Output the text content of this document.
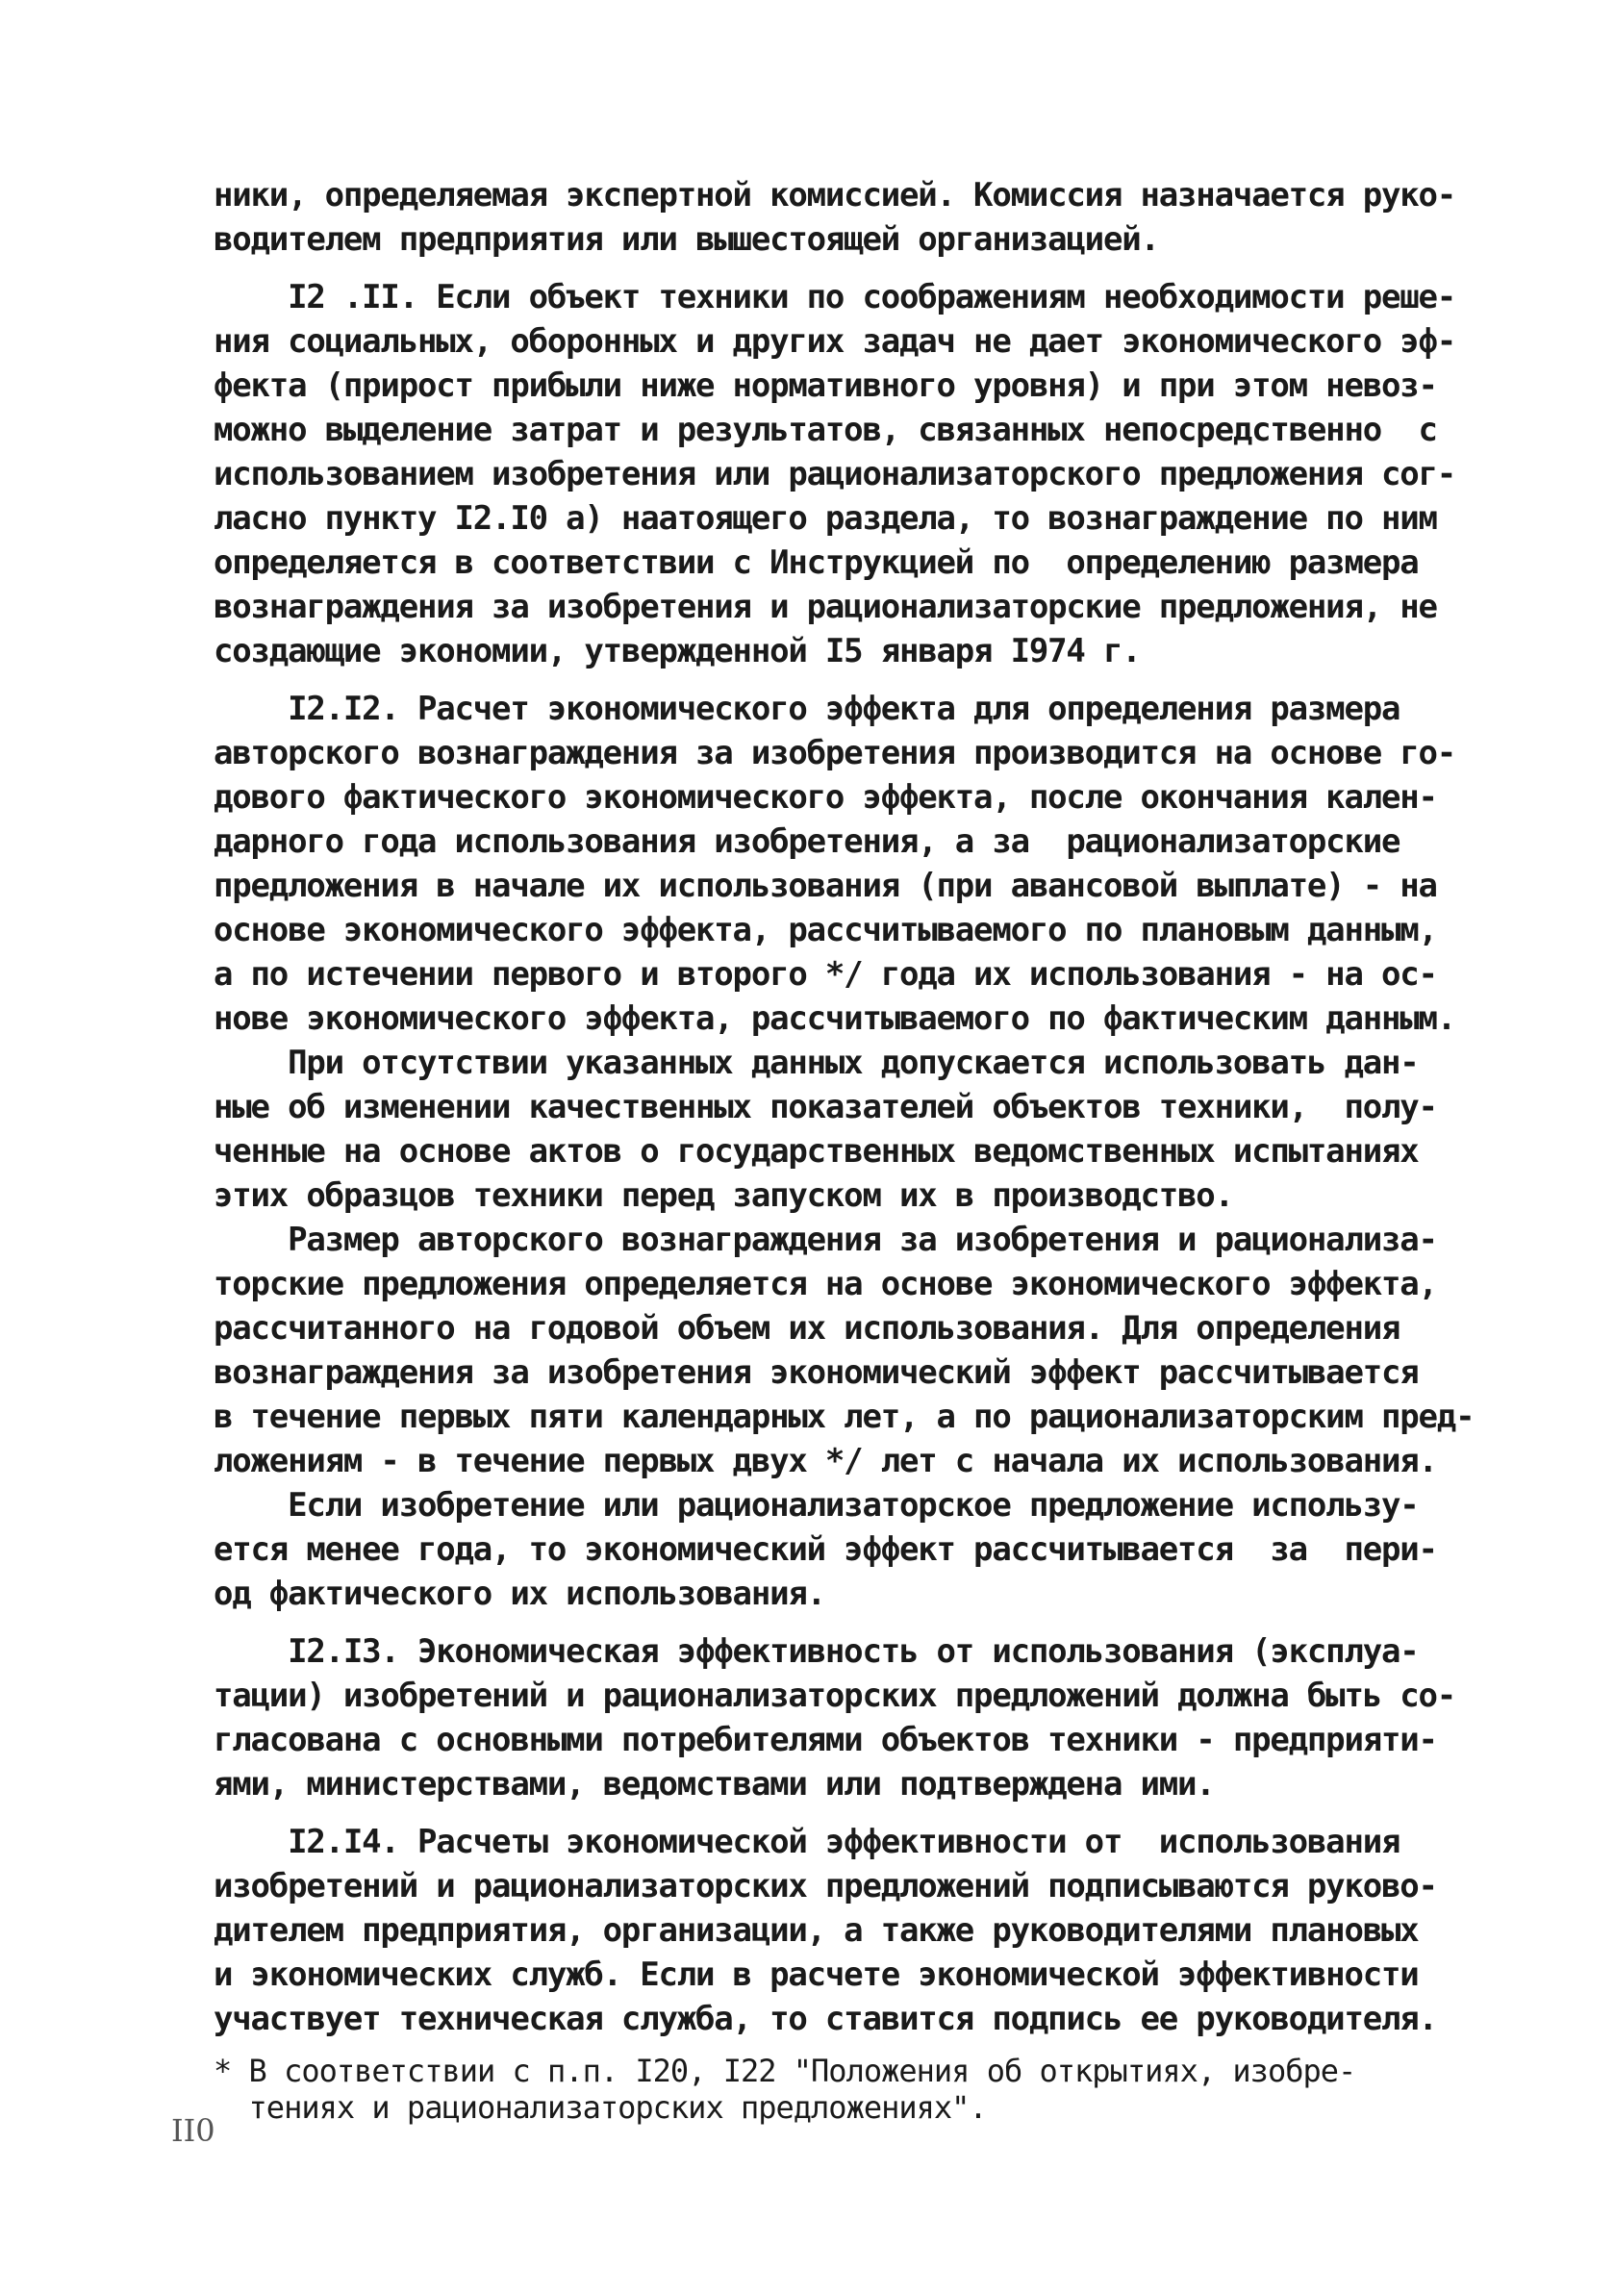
ники, определяемая экспертной комиссией. Комиссия назначается руко-
водителем предприятия или вышестоящей организацией.
I2 .II. Если объект техники по соображениям необходимости реше-
ния социальных, оборонных и других задач не дает экономического эф-
фекта (прирост прибыли ниже нормативного уровня) и при этом невоз-
можно выделение затрат и результатов, связанных непосредственно  с
использованием изобретения или рационализаторского предложения сог-
ласно пункту I2.I0 а) наатоящего раздела, то вознаграждение по ним
определяется в соответствии с Инструкцией по  определению размера
вознаграждения за изобретения и рационализаторские предложения, не
создающие экономии, утвержденной I5 января I974 г.
I2.I2. Расчет экономического эффекта для определения размера
авторского вознаграждения за изобретения производится на основе го-
дового фактического экономического эффекта, после окончания кален-
дарного года использования изобретения, а за  рационализаторские
предложения в начале их использования (при авансовой выплате) - на
основе экономического эффекта, рассчитываемого по плановым данным,
а по истечении первого и второго */ года их использования - на ос-
нове экономического эффекта, рассчитываемого по фактическим данным.
При отсутствии указанных данных допускается использовать дан-
ные об изменении качественных показателей объектов техники,  полу-
ченные на основе актов о государственных ведомственных испытаниях
этих образцов техники перед запуском их в производство.
Размер авторского вознаграждения за изобретения и рационализа-
торские предложения определяется на основе экономического эффекта,
рассчитанного на годовой объем их использования. Для определения
вознаграждения за изобретения экономический эффект рассчитывается
в течение первых пяти календарных лет, а по рационализаторским пред-
ложениям - в течение первых двух */ лет с начала их использования.
Если изобретение или рационализаторское предложение использу-
ется менее года, то экономический эффект рассчитывается  за  пери-
од фактического их использования.
I2.I3. Экономическая эффективность от использования (эксплуа-
тации) изобретений и рационализаторских предложений должна быть со-
гласована с основными потребителями объектов техники - предприяти-
ями, министерствами, ведомствами или подтверждена ими.
I2.I4. Расчеты экономической эффективности от  использования
изобретений и рационализаторских предложений подписываются руково-
дителем предприятия, организации, а также руководителями плановых
и экономических служб. Если в расчете экономической эффективности
участвует техническая служба, то ставится подпись ее руководителя.
* В соответствии с п.п. I20, I22 "Положения об открытиях, изобре-
тениях и рационализаторских предложениях".
II0
